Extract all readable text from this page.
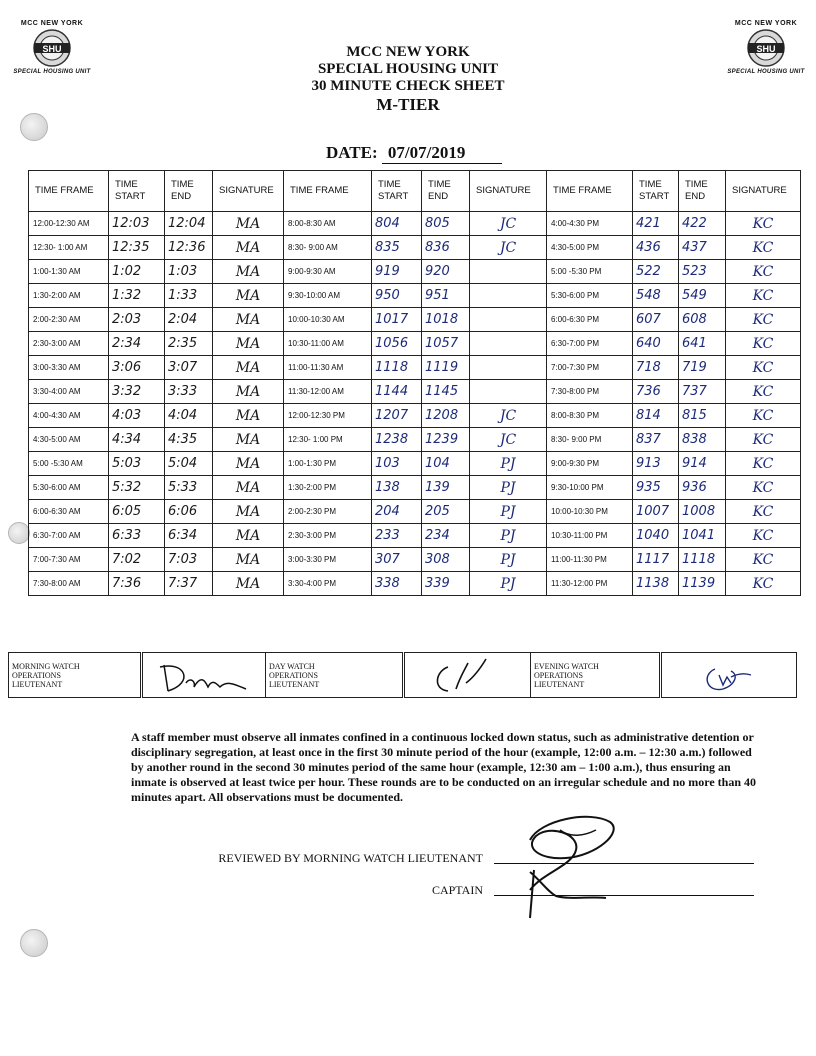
MCC NEW YORK
SHU
SPECIAL HOUSING UNIT
MCC NEW YORK
SHU
SPECIAL HOUSING UNIT
MCC NEW YORK
SPECIAL HOUSING UNIT
30 MINUTE CHECK SHEET
M-TIER
DATE: 07/07/2019
TIME FRAME	TIME START	TIME END	SIGNATURE	TIME FRAME	TIME START	TIME END	SIGNATURE	TIME FRAME	TIME START	TIME END	SIGNATURE
12:00-12:30 AM	12:03	12:04	MA	8:00-8:30 AM	804	805	JC	4:00-4:30 PM	421	422	KC
12:30- 1:00 AM	12:35	12:36	MA	8:30- 9:00 AM	835	836	JC	4:30-5:00 PM	436	437	KC
1:00-1:30 AM	1:02	1:03	MA	9:00-9:30 AM	919	920		5:00 -5:30 PM	522	523	KC
1:30-2:00 AM	1:32	1:33	MA	9:30-10:00 AM	950	951		5:30-6:00 PM	548	549	KC
2:00-2:30 AM	2:03	2:04	MA	10:00-10:30 AM	1017	1018		6:00-6:30 PM	607	608	KC
2:30-3:00 AM	2:34	2:35	MA	10:30-11:00 AM	1056	1057		6:30-7:00 PM	640	641	KC
3:00-3:30 AM	3:06	3:07	MA	11:00-11:30 AM	1118	1119		7:00-7:30 PM	718	719	KC
3:30-4:00 AM	3:32	3:33	MA	11:30-12:00 AM	1144	1145		7:30-8:00 PM	736	737	KC
4:00-4:30 AM	4:03	4:04	MA	12:00-12:30 PM	1207	1208	JC	8:00-8:30 PM	814	815	KC
4:30-5:00 AM	4:34	4:35	MA	12:30- 1:00 PM	1238	1239	JC	8:30- 9:00 PM	837	838	KC
5:00 -5:30 AM	5:03	5:04	MA	1:00-1:30 PM	103	104	PJ	9:00-9:30 PM	913	914	KC
5:30-6:00 AM	5:32	5:33	MA	1:30-2:00 PM	138	139	PJ	9:30-10:00 PM	935	936	KC
6:00-6:30 AM	6:05	6:06	MA	2:00-2:30 PM	204	205	PJ	10:00-10:30 PM	1007	1008	KC
6:30-7:00 AM	6:33	6:34	MA	2:30-3:00 PM	233	234	PJ	10:30-11:00 PM	1040	1041	KC
7:00-7:30 AM	7:02	7:03	MA	3:00-3:30 PM	307	308	PJ	11:00-11:30 PM	1117	1118	KC
7:30-8:00 AM	7:36	7:37	MA	3:30-4:00 PM	338	339	PJ	11:30-12:00 PM	1138	1139	KC
MORNING WATCH
OPERATIONS
LIEUTENANT

DAY WATCH
OPERATIONS
LIEUTENANT

EVENING WATCH
OPERATIONS
LIEUTENANT

A staff member must observe all inmates confined in a continuous locked down status, such as administrative detention or disciplinary segregation, at least once in the first 30 minute period of the hour (example, 12:00 a.m. – 12:30 a.m.) followed by another round in the second 30 minutes period of the same hour (example, 12:30 am – 1:00 a.m.), thus ensuring an inmate is observed at least twice per hour. These rounds are to be conducted on an irregular schedule and no more than 40 minutes apart. All observations must be documented.
REVIEWED BY MORNING WATCH LIEUTENANT
CAPTAIN
